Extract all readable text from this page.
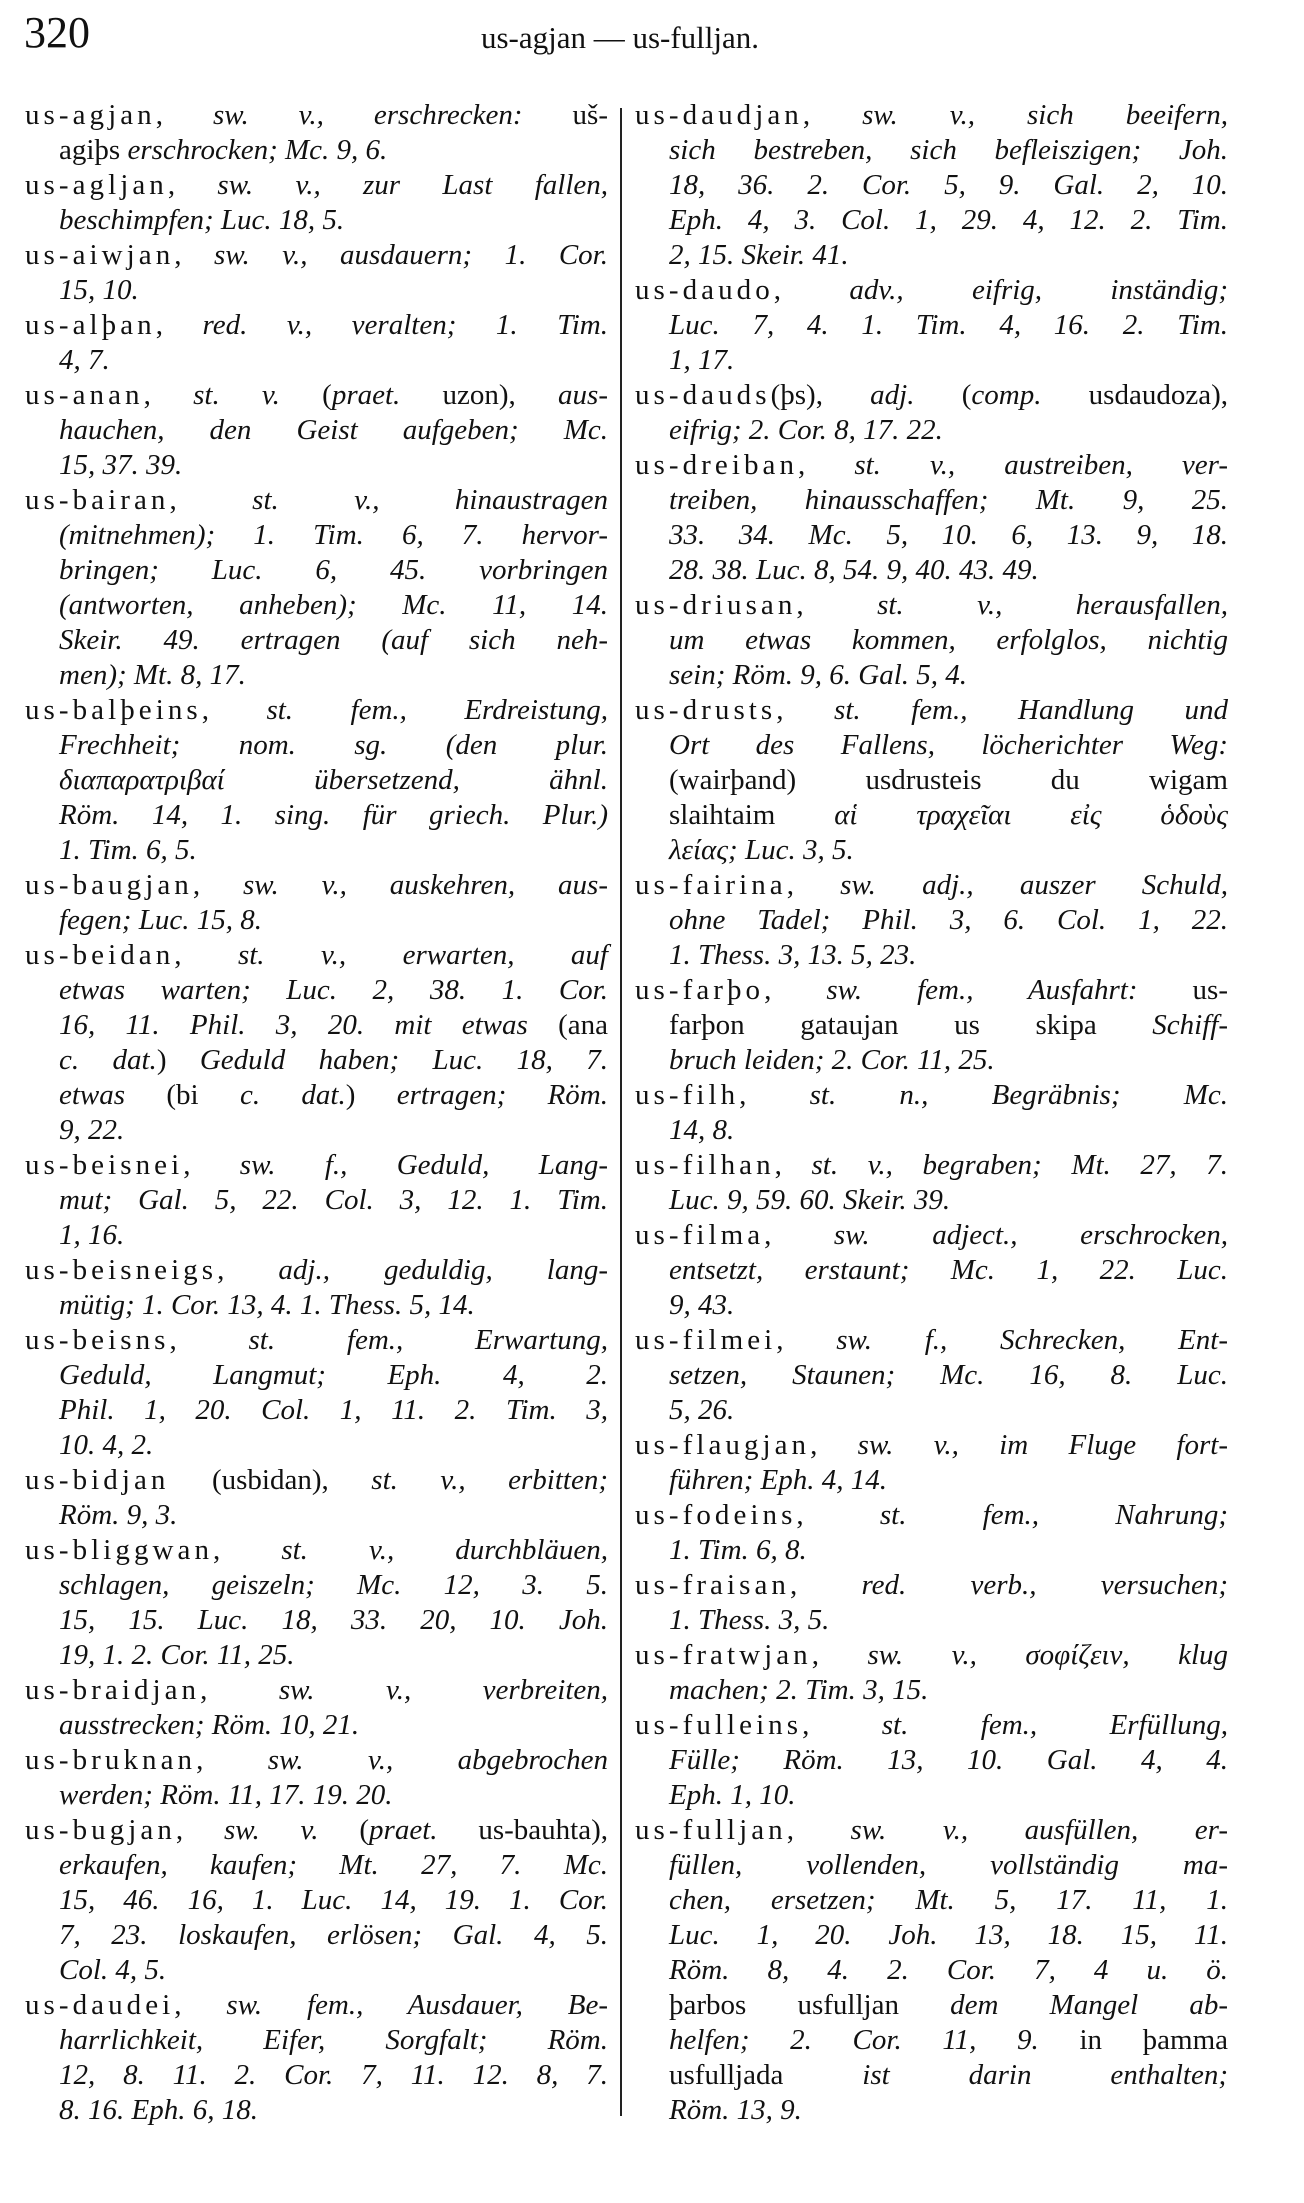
320	us-agjan — us-fulljan.
us-agjan, sw. v., erschrecken: uš-
agiþs erschrocken; Mc. 9, 6.
us-agljan, sw. v., zur Last fallen,
beschimpfen; Luc. 18, 5.
us-aiwjan, sw. v., ausdauern; 1. Cor.
15, 10.
us-alþan, red. v., veralten; 1. Tim.
4, 7.
us-anan, st. v. (praet. uzon), aus-
hauchen, den Geist aufgeben; Mc.
15, 37. 39.
us-bairan, st. v., hinaustragen
(mitnehmen); 1. Tim. 6, 7. hervor-
bringen; Luc. 6, 45. vorbringen
(antworten, anheben); Mc. 11, 14.
Skeir. 49. ertragen (auf sich neh-
men); Mt. 8, 17.
us-balþeins, st. fem., Erdreistung,
Frechheit; nom. sg. (den plur.
διαπαρατριβαί übersetzend, ähnl.
Röm. 14, 1. sing. für griech. Plur.)
1. Tim. 6, 5.
us-baugjan, sw. v., auskehren, aus-
fegen; Luc. 15, 8.
us-beidan, st. v., erwarten, auf
etwas warten; Luc. 2, 38. 1. Cor.
16, 11. Phil. 3, 20. mit etwas (ana
c. dat.) Geduld haben; Luc. 18, 7.
etwas (bi c. dat.) ertragen; Röm.
9, 22.
us-beisnei, sw. f., Geduld, Lang-
mut; Gal. 5, 22. Col. 3, 12. 1. Tim.
1, 16.
us-beisneigs, adj., geduldig, lang-
mütig; 1. Cor. 13, 4. 1. Thess. 5, 14.
us-beisns, st. fem., Erwartung,
Geduld, Langmut; Eph. 4, 2.
Phil. 1, 20. Col. 1, 11. 2. Tim. 3,
10. 4, 2.
us-bidjan (usbidan), st. v., erbitten;
Röm. 9, 3.
us-bliggwan, st. v., durchbläuen,
schlagen, geiszeln; Mc. 12, 3. 5.
15, 15. Luc. 18, 33. 20, 10. Joh.
19, 1. 2. Cor. 11, 25.
us-braidjan, sw. v., verbreiten,
ausstrecken; Röm. 10, 21.
us-bruknan, sw. v., abgebrochen
werden; Röm. 11, 17. 19. 20.
us-bugjan, sw. v. (praet. us-bauhta),
erkaufen, kaufen; Mt. 27, 7. Mc.
15, 46. 16, 1. Luc. 14, 19. 1. Cor.
7, 23. loskaufen, erlösen; Gal. 4, 5.
Col. 4, 5.
us-daudei, sw. fem., Ausdauer, Be-
harrlichkeit, Eifer, Sorgfalt; Röm.
12, 8. 11. 2. Cor. 7, 11. 12. 8, 7.
8. 16. Eph. 6, 18.
us-daudjan, sw. v., sich beeifern,
sich bestreben, sich befleiszigen; Joh.
18, 36. 2. Cor. 5, 9. Gal. 2, 10.
Eph. 4, 3. Col. 1, 29. 4, 12. 2. Tim.
2, 15. Skeir. 41.
us-daudo, adv., eifrig, inständig;
Luc. 7, 4. 1. Tim. 4, 16. 2. Tim.
1, 17.
us-dauds(þs), adj. (comp. usdaudoza),
eifrig; 2. Cor. 8, 17. 22.
us-dreiban, st. v., austreiben, ver-
treiben, hinausschaffen; Mt. 9, 25.
33. 34. Mc. 5, 10. 6, 13. 9, 18.
28. 38. Luc. 8, 54. 9, 40. 43. 49.
us-driusan, st. v., herausfallen,
um etwas kommen, erfolglos, nichtig
sein; Röm. 9, 6. Gal. 5, 4.
us-drusts, st. fem., Handlung und
Ort des Fallens, löcherichter Weg:
(wairþand) usdrusteis du wigam
slaihtaim αἱ τραχεῖαι εἰς ὁδοὺς
λείας; Luc. 3, 5.
us-fairina, sw. adj., auszer Schuld,
ohne Tadel; Phil. 3, 6. Col. 1, 22.
1. Thess. 3, 13. 5, 23.
us-farþo, sw. fem., Ausfahrt: us-
farþon gataujan us skipa Schiff-
bruch leiden; 2. Cor. 11, 25.
us-filh, st. n., Begräbnis; Mc.
14, 8.
us-filhan, st. v., begraben; Mt. 27, 7.
Luc. 9, 59. 60. Skeir. 39.
us-filma, sw. adject., erschrocken,
entsetzt, erstaunt; Mc. 1, 22. Luc.
9, 43.
us-filmei, sw. f., Schrecken, Ent-
setzen, Staunen; Mc. 16, 8. Luc.
5, 26.
us-flaugjan, sw. v., im Fluge fort-
führen; Eph. 4, 14.
us-fodeins, st. fem., Nahrung;
1. Tim. 6, 8.
us-fraisan, red. verb., versuchen;
1. Thess. 3, 5.
us-fratwjan, sw. v., σοφίζειν, klug
machen; 2. Tim. 3, 15.
us-fulleins, st. fem., Erfüllung,
Fülle; Röm. 13, 10. Gal. 4, 4.
Eph. 1, 10.
us-fulljan, sw. v., ausfüllen, er-
füllen, vollenden, vollständig ma-
chen, ersetzen; Mt. 5, 17. 11, 1.
Luc. 1, 20. Joh. 13, 18. 15, 11.
Röm. 8, 4. 2. Cor. 7, 4 u. ö.
þarbos usfulljan dem Mangel ab-
helfen; 2. Cor. 11, 9. in þamma
usfulljada ist darin enthalten;
Röm. 13, 9.
